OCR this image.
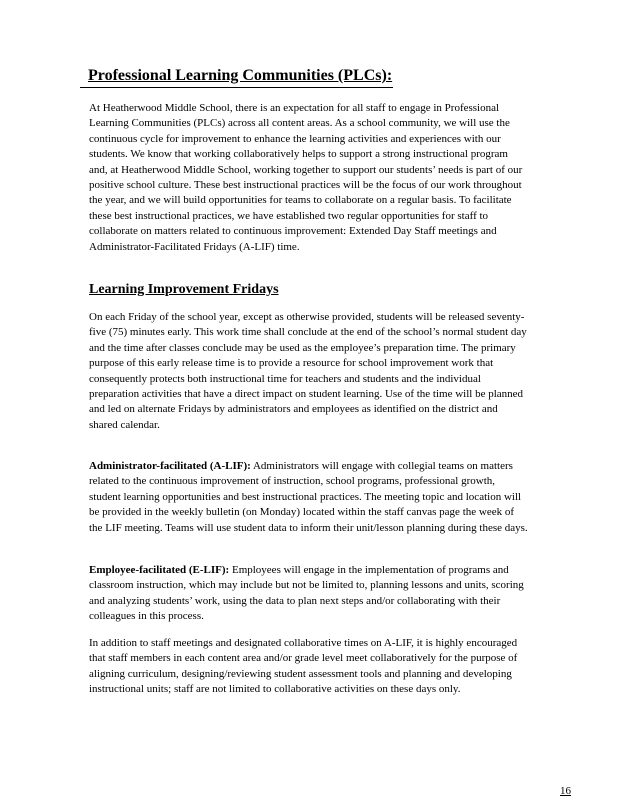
Professional Learning Communities (PLCs):

At Heatherwood Middle School, there is an expectation for all staff to engage in Professional Learning Communities (PLCs) across all content areas. As a school community, we will use the continuous cycle for improvement to enhance the learning activities and experiences with our students. We know that working collaboratively helps to support a strong instructional program and, at Heatherwood Middle School, working together to support our students’ needs is part of our positive school culture. These best instructional practices will be the focus of our work throughout the year, and we will build opportunities for teams to collaborate on a regular basis. To facilitate these best instructional practices, we have established two regular opportunities for staff to collaborate on matters related to continuous improvement: Extended Day Staff meetings and Administrator-Facilitated Fridays (A-LIF) time.

Learning Improvement Fridays

On each Friday of the school year, except as otherwise provided, students will be released seventy-five (75) minutes early. This work time shall conclude at the end of the school’s normal student day and the time after classes conclude may be used as the employee’s preparation time. The primary purpose of this early release time is to provide a resource for school improvement work that consequently protects both instructional time for teachers and students and the individual preparation activities that have a direct impact on student learning. Use of the time will be planned and led on alternate Fridays by administrators and employees as identified on the district and shared calendar.

Administrator-facilitated (A-LIF): Administrators will engage with collegial teams on matters related to the continuous improvement of instruction, school programs, professional growth, student learning opportunities and best instructional practices. The meeting topic and location will be provided in the weekly bulletin (on Monday) located within the staff canvas page the week of the LIF meeting. Teams will use student data to inform their unit/lesson planning during these days.

Employee-facilitated (E-LIF): Employees will engage in the implementation of programs and classroom instruction, which may include but not be limited to, planning lessons and units, scoring and analyzing students’ work, using the data to plan next steps and/or collaborating with their colleagues in this process.

In addition to staff meetings and designated collaborative times on A-LIF, it is highly encouraged that staff members in each content area and/or grade level meet collaboratively for the purpose of aligning curriculum, designing/reviewing student assessment tools and planning and developing instructional units; staff are not limited to collaborative activities on these days only.

16
